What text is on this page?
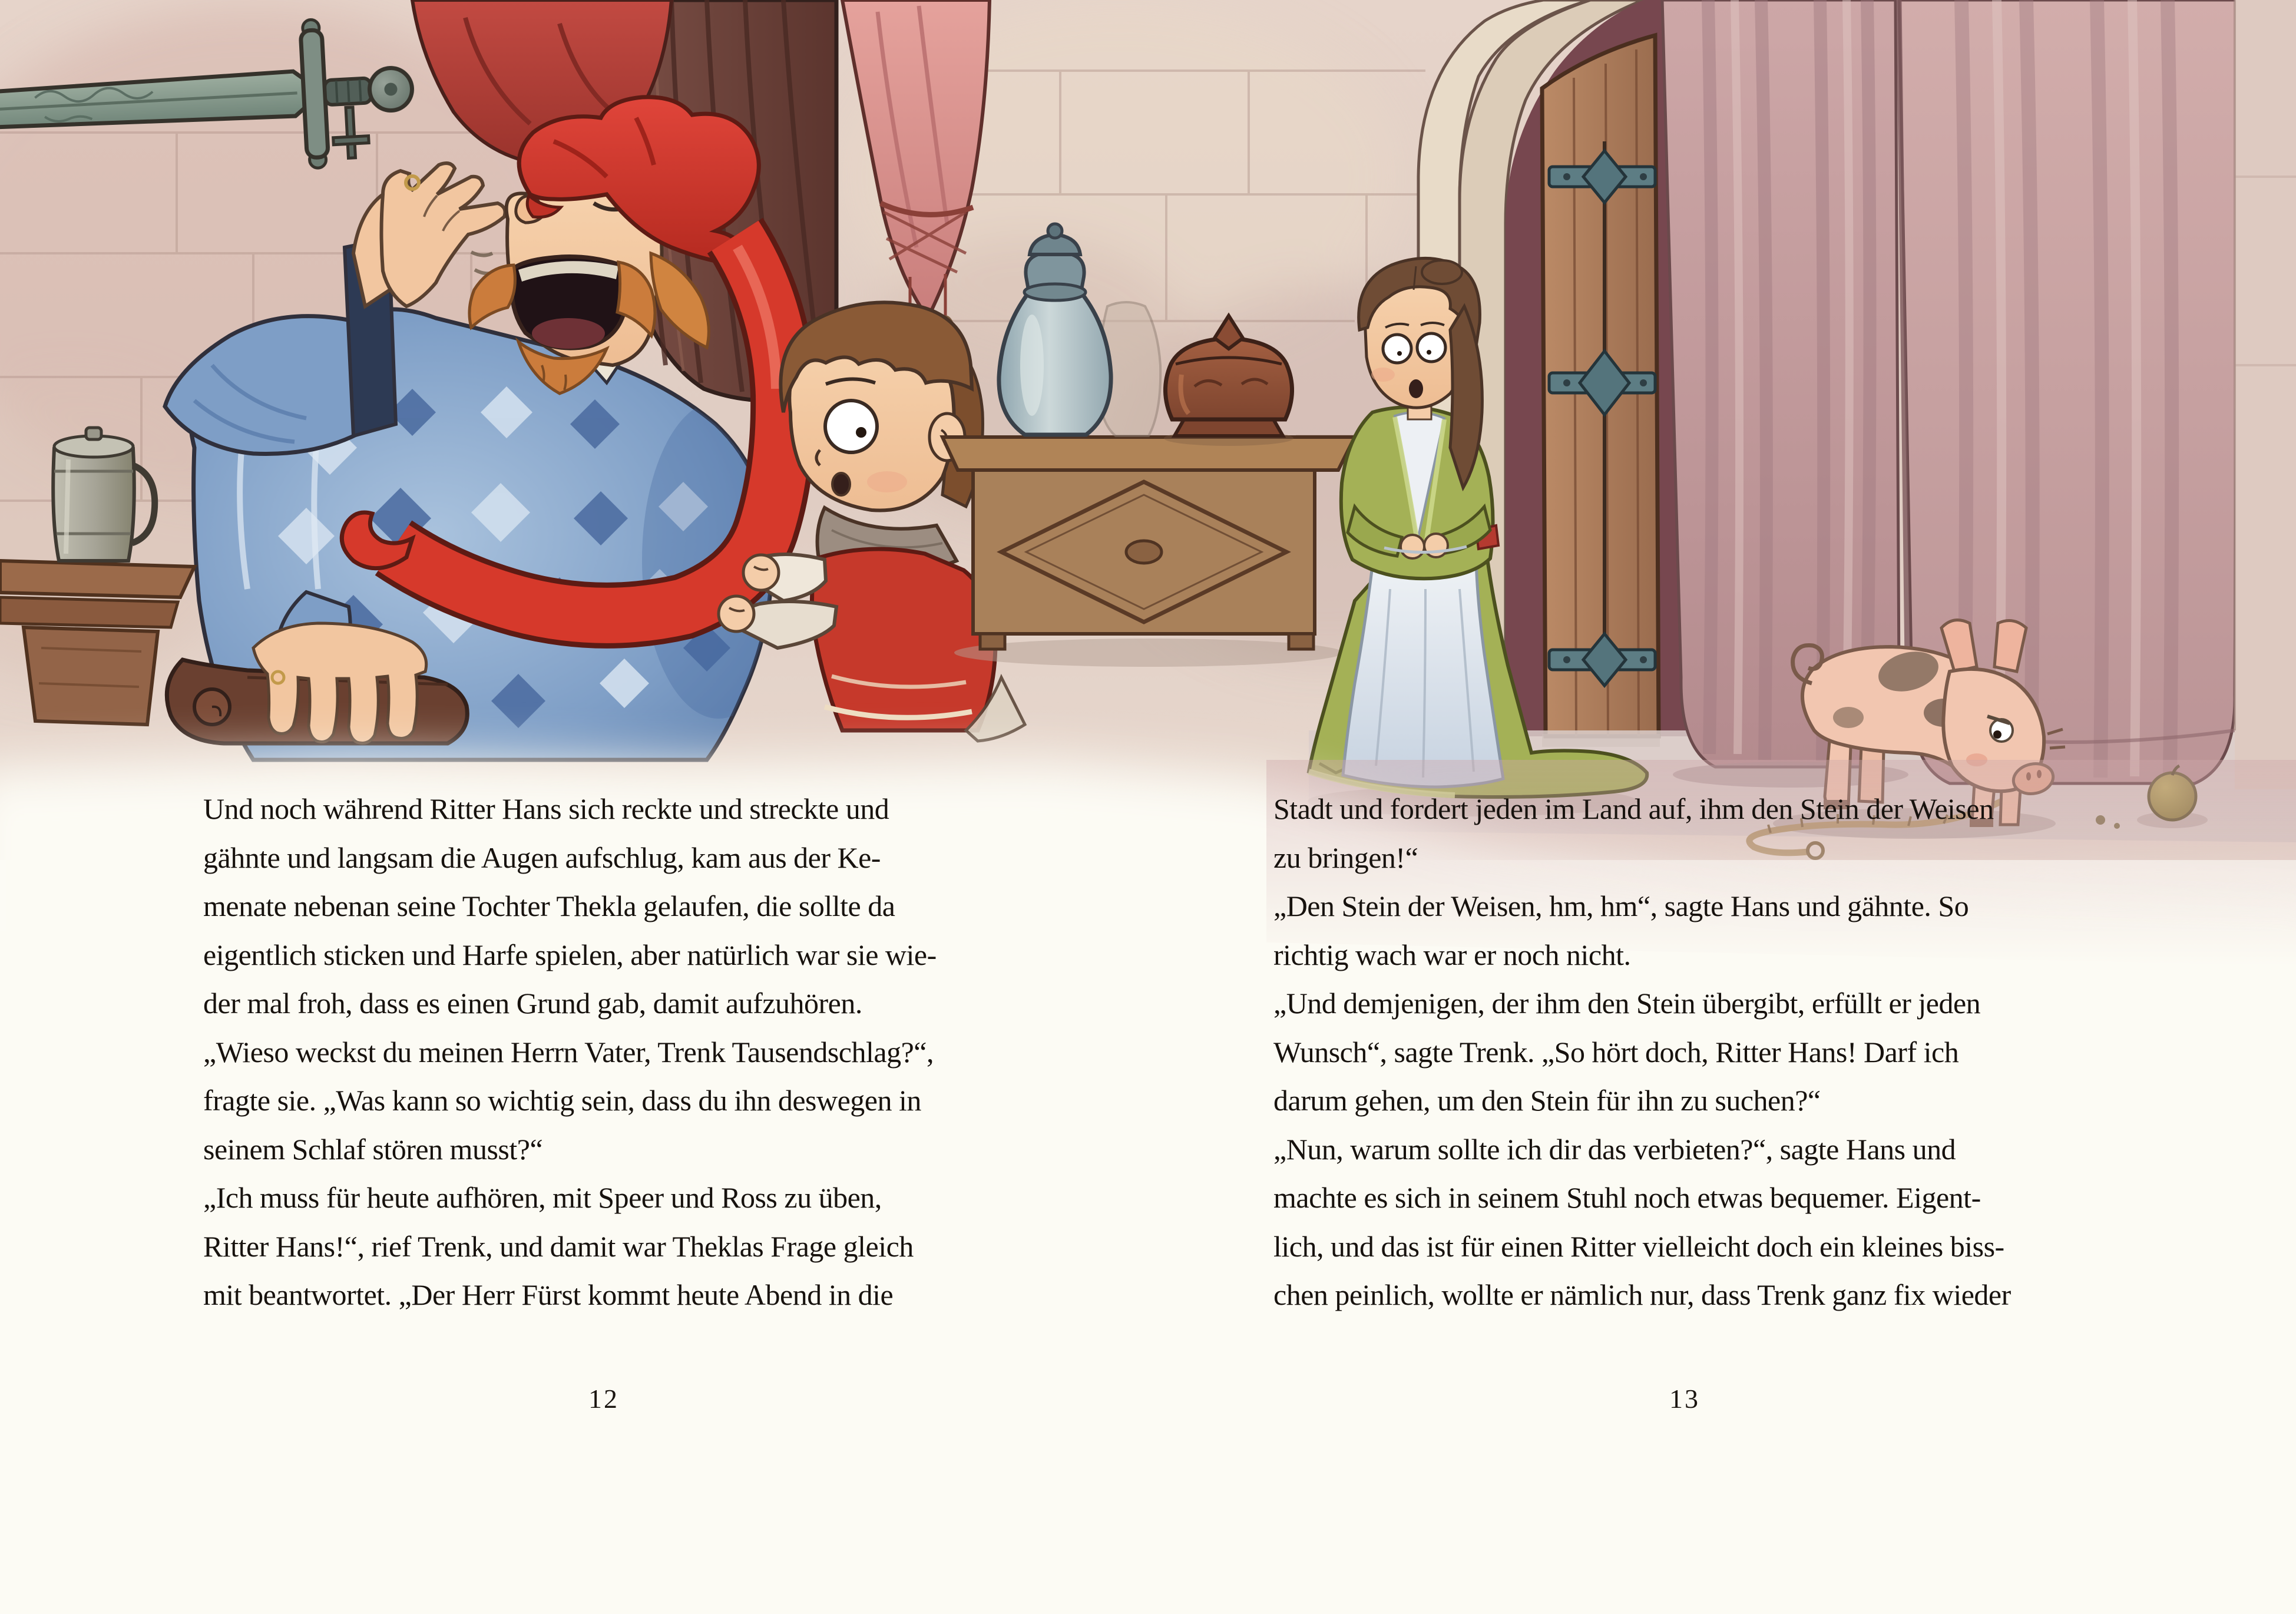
Und noch während Ritter Hans sich reckte und streckte und

gähnte und langsam die Augen aufschlug, kam aus der Ke-

menate nebenan seine Tochter Thekla gelaufen, die sollte da

eigentlich sticken und Harfe spielen, aber natürlich war sie wie-

der mal froh, dass es einen Grund gab, damit aufzuhören.

„Wieso weckst du meinen Herrn Vater, Trenk Tausendschlag?“,

fragte sie. „Was kann so wichtig sein, dass du ihn deswegen in

seinem Schlaf stören musst?“

„Ich muss für heute aufhören, mit Speer und Ross zu üben,

Ritter Hans!“, rief Trenk, und damit war Theklas Frage gleich

mit beantwortet. „Der Herr Fürst kommt heute Abend in die

Stadt und fordert jeden im Land auf, ihm den Stein der Weisen

zu bringen!“

„Den Stein der Weisen, hm, hm“, sagte Hans und gähnte. So

richtig wach war er noch nicht.

„Und demjenigen, der ihm den Stein übergibt, erfüllt er jeden

Wunsch“, sagte Trenk. „So hört doch, Ritter Hans! Darf ich

darum gehen, um den Stein für ihn zu suchen?“

„Nun, warum sollte ich dir das verbieten?“, sagte Hans und

machte es sich in seinem Stuhl noch etwas bequemer. Eigent-

lich, und das ist für einen Ritter vielleicht doch ein kleines biss-

chen peinlich, wollte er nämlich nur, dass Trenk ganz fix wieder

12	13
